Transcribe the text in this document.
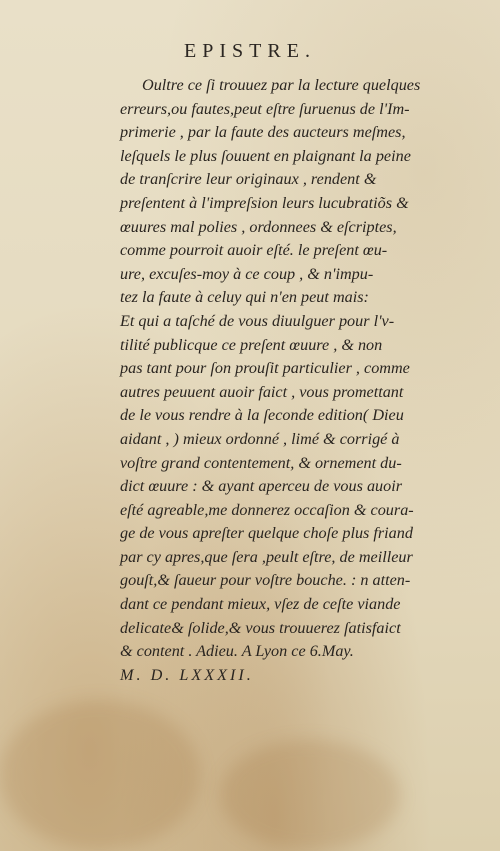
EPISTRE.
Oultre ce ſi trouuez par la lecture quelques
erreurs,ou fautes,peut eſtre ſuruenus de l'Im-
primerie , par la faute des aucteurs meſmes,
leſquels le plus ſouuent en plaignant la peine
de tranſcrire leur originaux , rendent &
preſentent à l'impreſsion leurs lucubratiõs &
œuures mal polies , ordonnees & eſcriptes,
comme pourroit auoir eſté. le preſent œu-
ure, excuſes-moy à ce coup , & n'impu-
tez la faute à celuy qui n'en peut mais:
Et qui a taſché de vous diuulguer pour l'v-
tilité publicque ce preſent œuure , & non
pas tant pour ſon prouſit particulier , comme
autres peuuent auoir faict , vous promettant
de le vous rendre à la ſeconde edition( Dieu
aidant , ) mieux ordonné , limé & corrigé à
voſtre grand contentement, & ornement du-
dict œuure : & ayant aperceu de vous auoir
eſté agreable,me donnerez occaſion & coura-
ge de vous apreſter quelque choſe plus friand
par cy apres,que ſera ,peult eſtre, de meilleur
gouſt,& ſaueur pour voſtre bouche. : n atten-
dant ce pendant mieux, vſez de ceſte viande
delicate& ſolide,& vous trouuerez ſatisfaict
& content . Adieu. A Lyon ce 6.May.
M. D. LXXXII.
